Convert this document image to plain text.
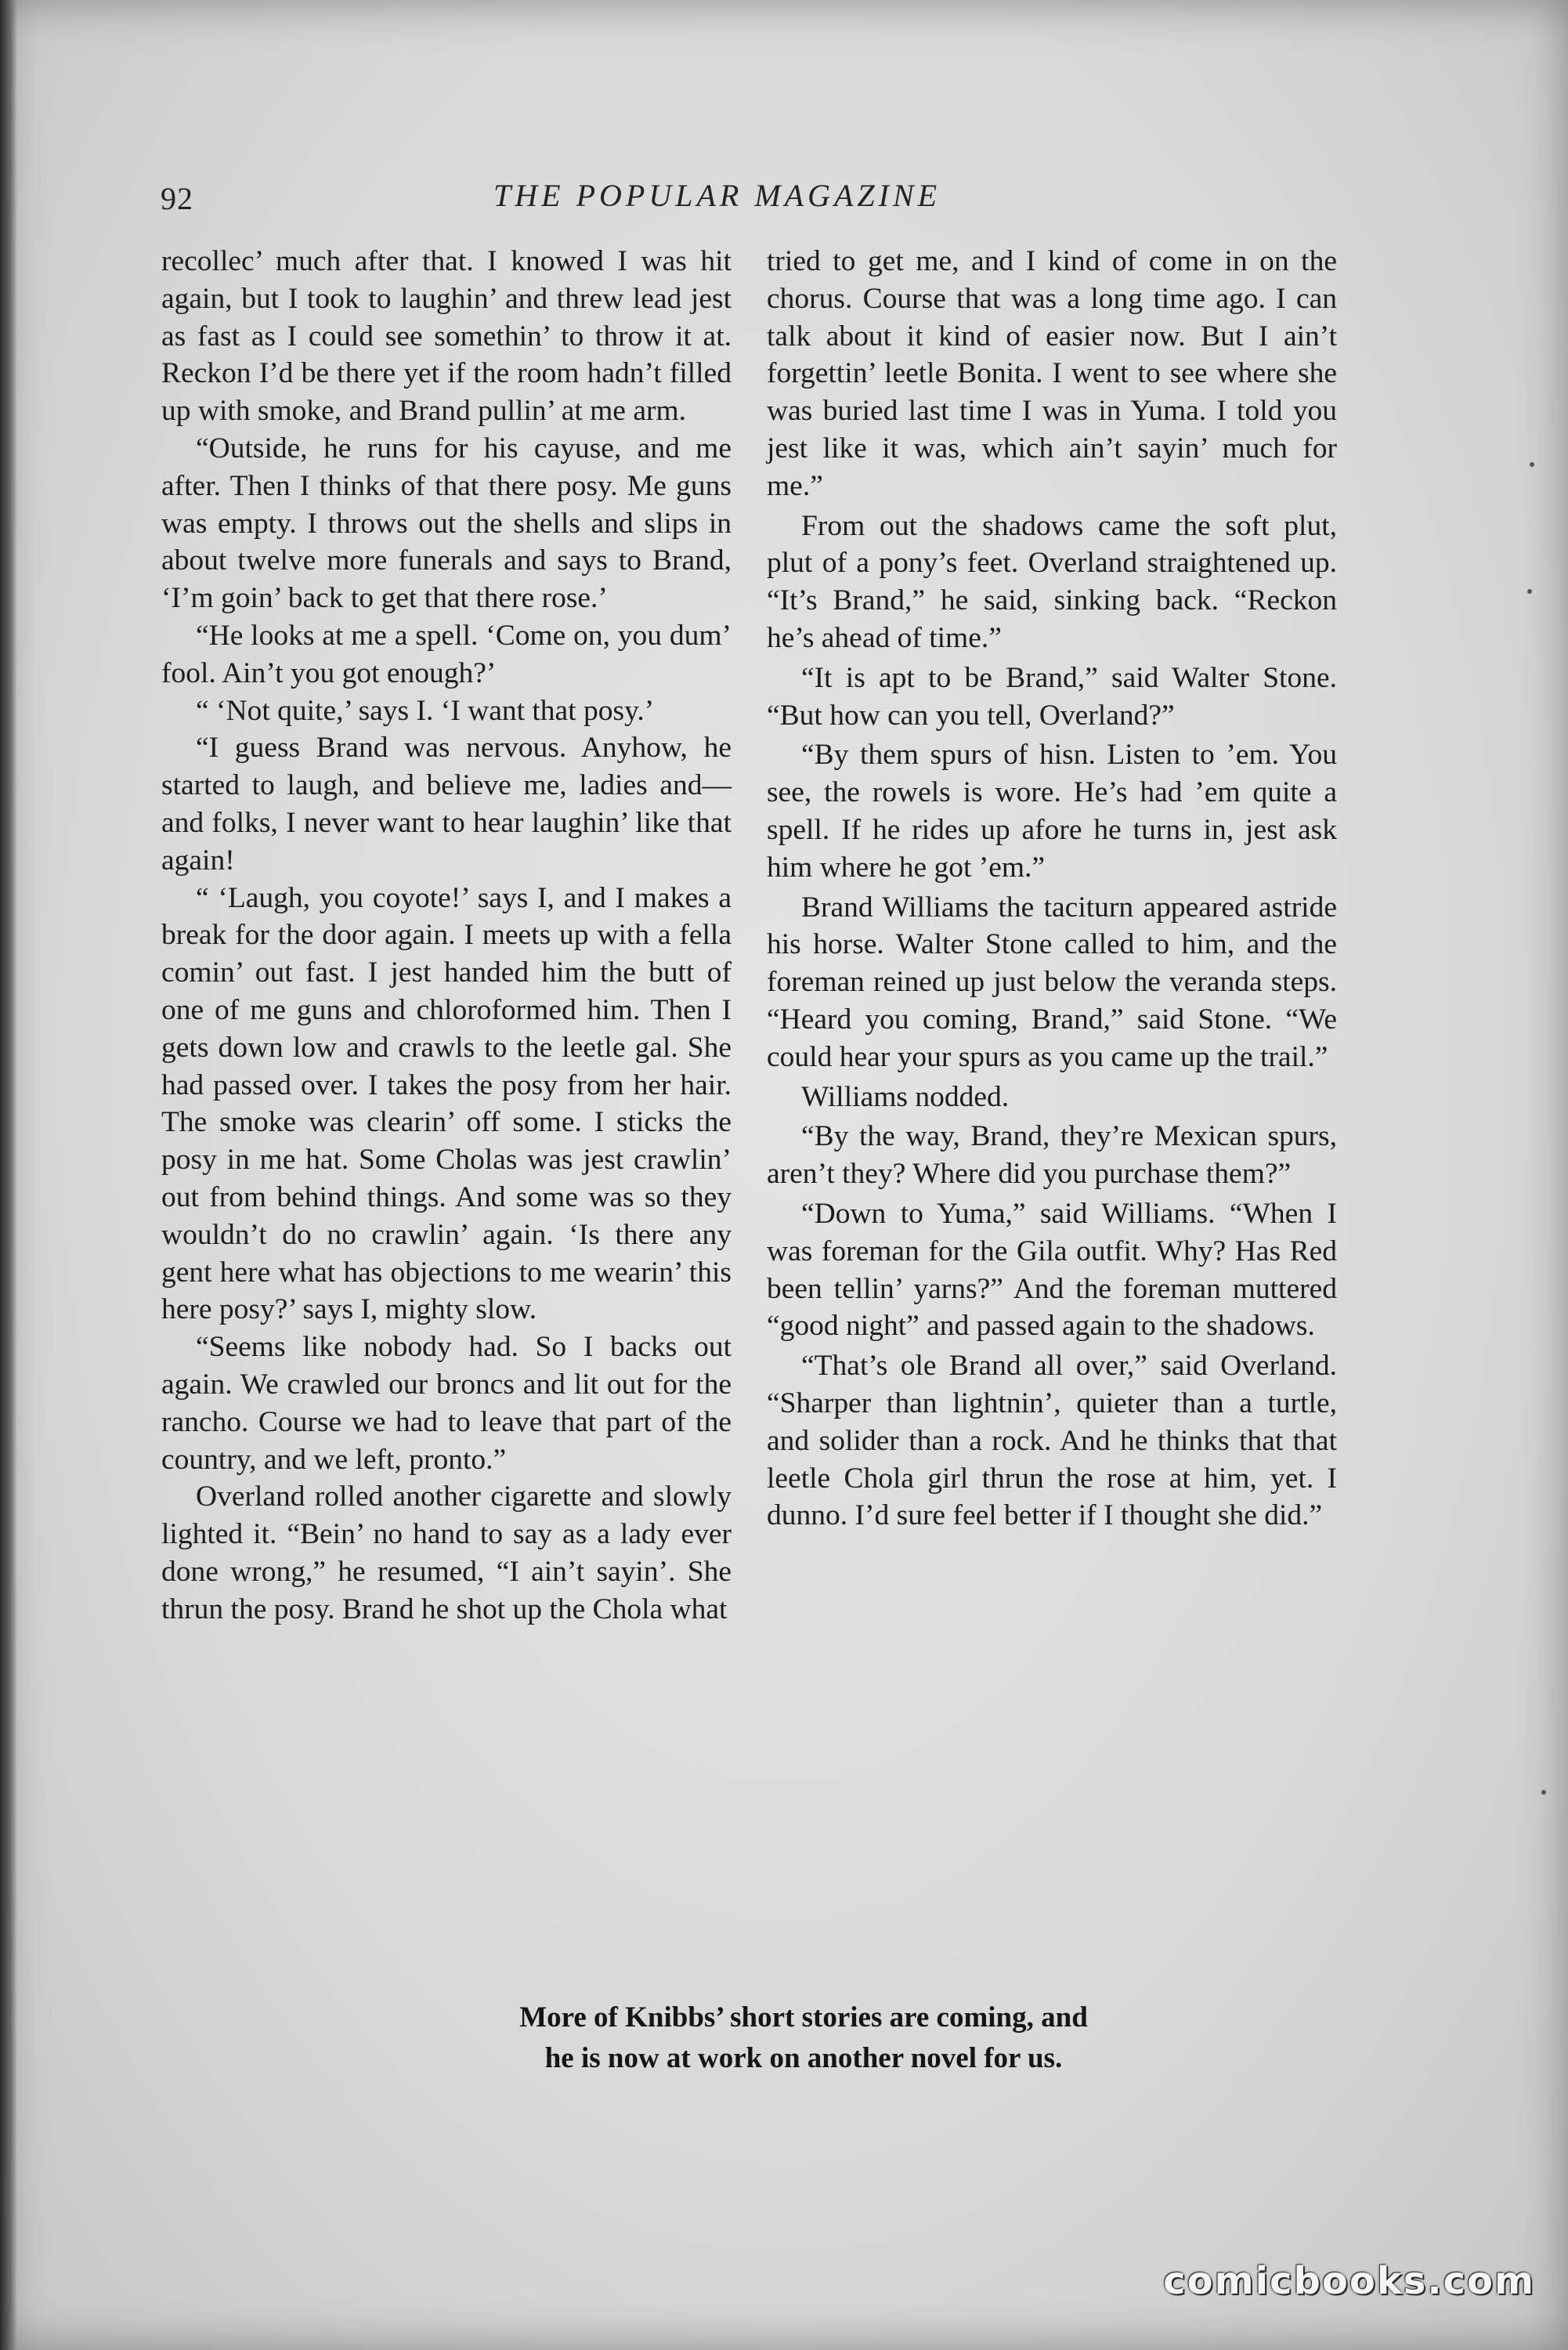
92	THE POPULAR MAGAZINE

recollec’ much after that. I knowed I was hit again, but I took to laughin’ and threw lead jest as fast as I could see somethin’ to throw it at. Reckon I’d be there yet if the room hadn’t filled up with smoke, and Brand pullin’ at me arm.

“Outside, he runs for his cayuse, and me after. Then I thinks of that there posy. Me guns was empty. I throws out the shells and slips in about twelve more funerals and says to Brand, ‘I’m goin’ back to get that there rose.’

“He looks at me a spell. ‘Come on, you dum’ fool. Ain’t you got enough?’

“ ‘Not quite,’ says I. ‘I want that posy.’

“I guess Brand was nervous. Anyhow, he started to laugh, and believe me, ladies and—and folks, I never want to hear laughin’ like that again!

“ ‘Laugh, you coyote!’ says I, and I makes a break for the door again. I meets up with a fella comin’ out fast. I jest handed him the butt of one of me guns and chloroformed him. Then I gets down low and crawls to the leetle gal. She had passed over. I takes the posy from her hair. The smoke was clearin’ off some. I sticks the posy in me hat. Some Cholas was jest crawlin’ out from behind things. And some was so they wouldn’t do no crawlin’ again. ‘Is there any gent here what has objections to me wearin’ this here posy?’ says I, mighty slow.

“Seems like nobody had. So I backs out again. We crawled our broncs and lit out for the rancho. Course we had to leave that part of the country, and we left, pronto.”

Overland rolled another cigarette and slowly lighted it. “Bein’ no hand to say as a lady ever done wrong,” he resumed, “I ain’t sayin’. She thrun the posy. Brand he shot up the Chola what

tried to get me, and I kind of come in on the chorus. Course that was a long time ago. I can talk about it kind of easier now. But I ain’t forgettin’ leetle Bonita. I went to see where she was buried last time I was in Yuma. I told you jest like it was, which ain’t sayin’ much for me.”

From out the shadows came the soft plut, plut of a pony’s feet. Overland straightened up. “It’s Brand,” he said, sinking back. “Reckon he’s ahead of time.”

“It is apt to be Brand,” said Walter Stone. “But how can you tell, Overland?”

“By them spurs of hisn. Listen to ’em. You see, the rowels is wore. He’s had ’em quite a spell. If he rides up afore he turns in, jest ask him where he got ’em.”

Brand Williams the taciturn appeared astride his horse. Walter Stone called to him, and the foreman reined up just below the veranda steps. “Heard you coming, Brand,” said Stone. “We could hear your spurs as you came up the trail.”

Williams nodded.

“By the way, Brand, they’re Mexican spurs, aren’t they? Where did you purchase them?”

“Down to Yuma,” said Williams. “When I was foreman for the Gila outfit. Why? Has Red been tellin’ yarns?” And the foreman muttered “good night” and passed again to the shadows.

“That’s ole Brand all over,” said Overland. “Sharper than lightnin’, quieter than a turtle, and solider than a rock. And he thinks that that leetle Chola girl thrun the rose at him, yet. I dunno. I’d sure feel better if I thought she did.”

More of Knibbs’ short stories are coming, and
he is now at work on another novel for us.
comicbooks.com
